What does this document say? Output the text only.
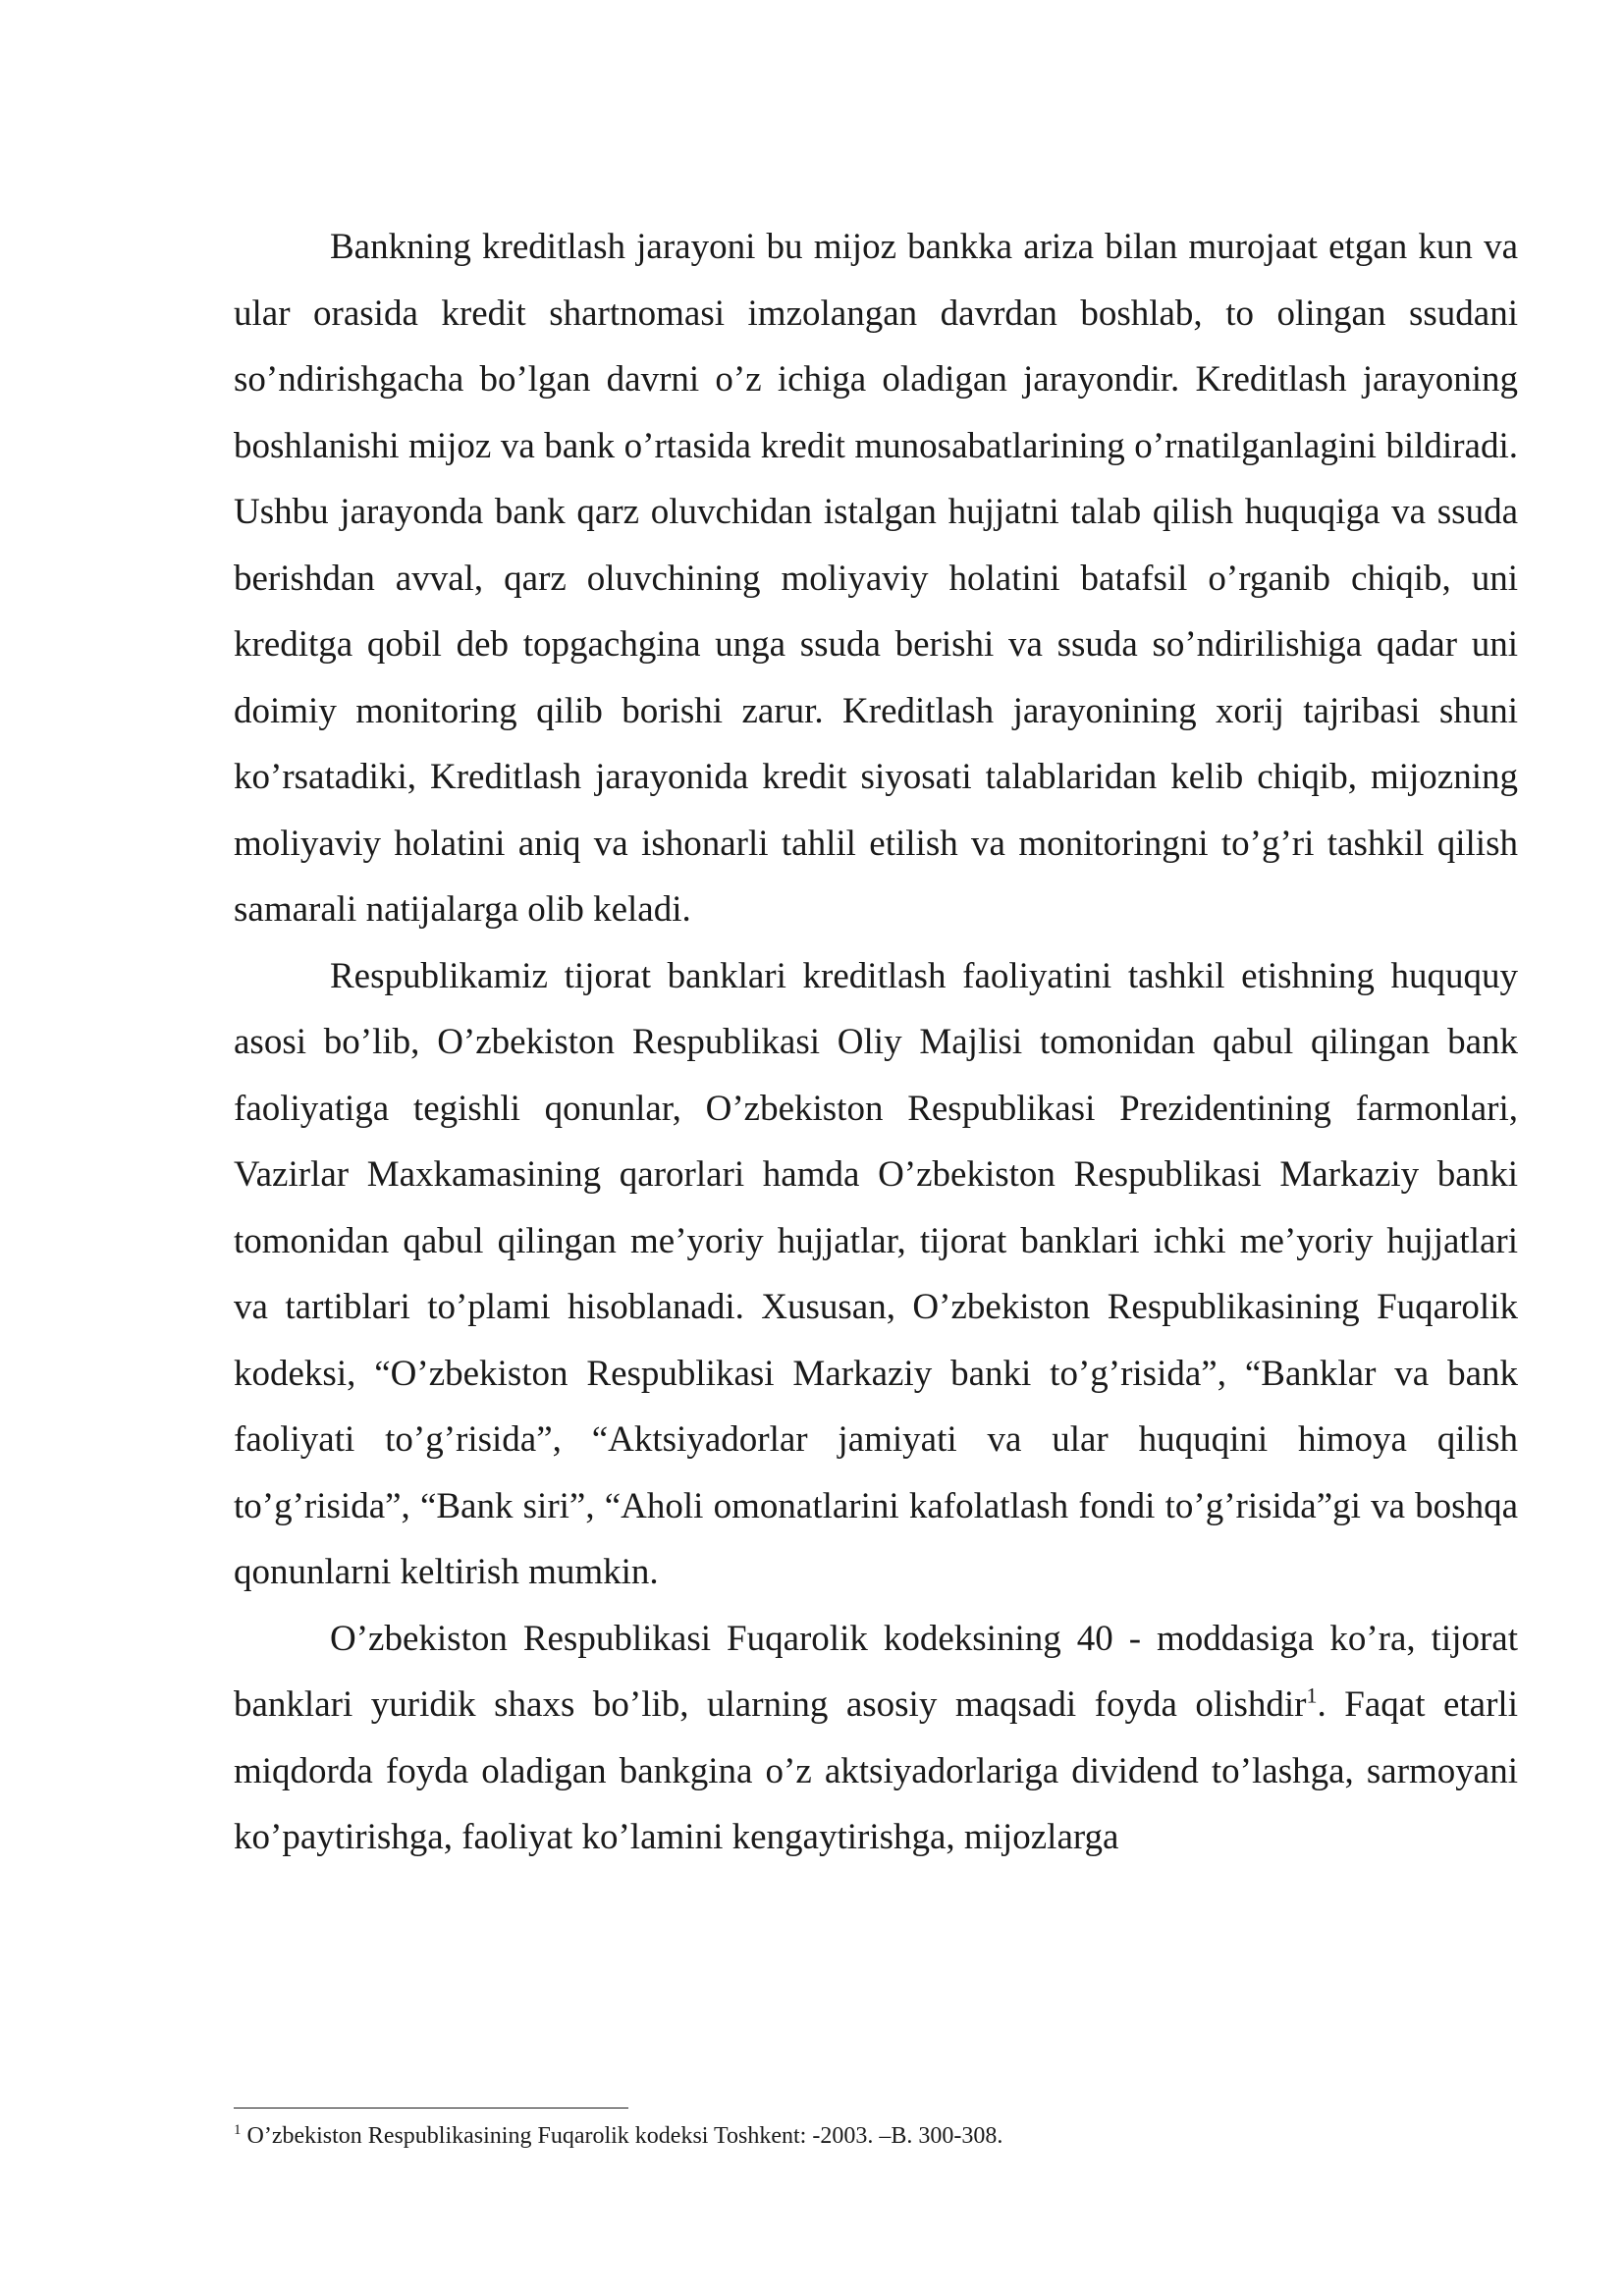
Bankning kreditlash jarayoni bu mijoz bankka ariza bilan murojaat etgan kun va ular orasida kredit shartnomasi imzolangan davrdan boshlab, to olingan ssudani so’ndirishgacha bo’lgan davrni o’z ichiga oladigan jarayondir. Kreditlash jarayoning boshlanishi mijoz va bank o’rtasida kredit munosabatlarining o’rnatilganlagini bildiradi. Ushbu jarayonda bank qarz oluvchidan istalgan hujjatni talab qilish huquqiga va ssuda berishdan avval, qarz oluvchining moliyaviy holatini batafsil o’rganib chiqib, uni kreditga qobil deb topgachgina unga ssuda berishi va ssuda so’ndirilishiga qadar uni doimiy monitoring qilib borishi zarur. Kreditlash jarayonining xorij tajribasi shuni ko’rsatadiki, Kreditlash jarayonida kredit siyosati talablaridan kelib chiqib, mijozning moliyaviy holatini aniq va ishonarli tahlil etilish va monitoringni to’g’ri tashkil qilish samarali natijalarga olib keladi.

Respublikamiz tijorat banklari kreditlash faoliyatini tashkil etishning huququy asosi bo’lib, O’zbekiston Respublikasi Oliy Majlisi tomonidan qabul qilingan bank faoliyatiga tegishli qonunlar, O’zbekiston Respublikasi Prezidentining farmonlari, Vazirlar Maxkamasining qarorlari hamda O’zbekiston Respublikasi Markaziy banki tomonidan qabul qilingan me’yoriy hujjatlar, tijorat banklari ichki me’yoriy hujjatlari va tartiblari to’plami hisoblanadi. Xususan, O’zbekiston Respublikasining Fuqarolik kodeksi, “O’zbekiston Respublikasi Markaziy banki to’g’risida”, “Banklar va bank faoliyati to’g’risida”, “Aktsiyadorlar jamiyati va ular huquqini himoya qilish to’g’risida”, “Bank siri”, “Aholi omonatlarini kafolatlash fondi to’g’risida”gi va boshqa qonunlarni keltirish mumkin.

O’zbekiston Respublikasi Fuqarolik kodeksining 40 - moddasiga ko’ra, tijorat banklari yuridik shaxs bo’lib, ularning asosiy maqsadi foyda olishdir$^1$. Faqat etarli miqdorda foyda oladigan bankgina o’z aktsiyadorlariga dividend to’lashga, sarmoyani ko’paytirishga, faoliyat ko’lamini kengaytirishga, mijozlarga

$^1$ O’zbekiston Respublikasining Fuqarolik kodeksi Toshkent: -2003. –B. 300-308.
